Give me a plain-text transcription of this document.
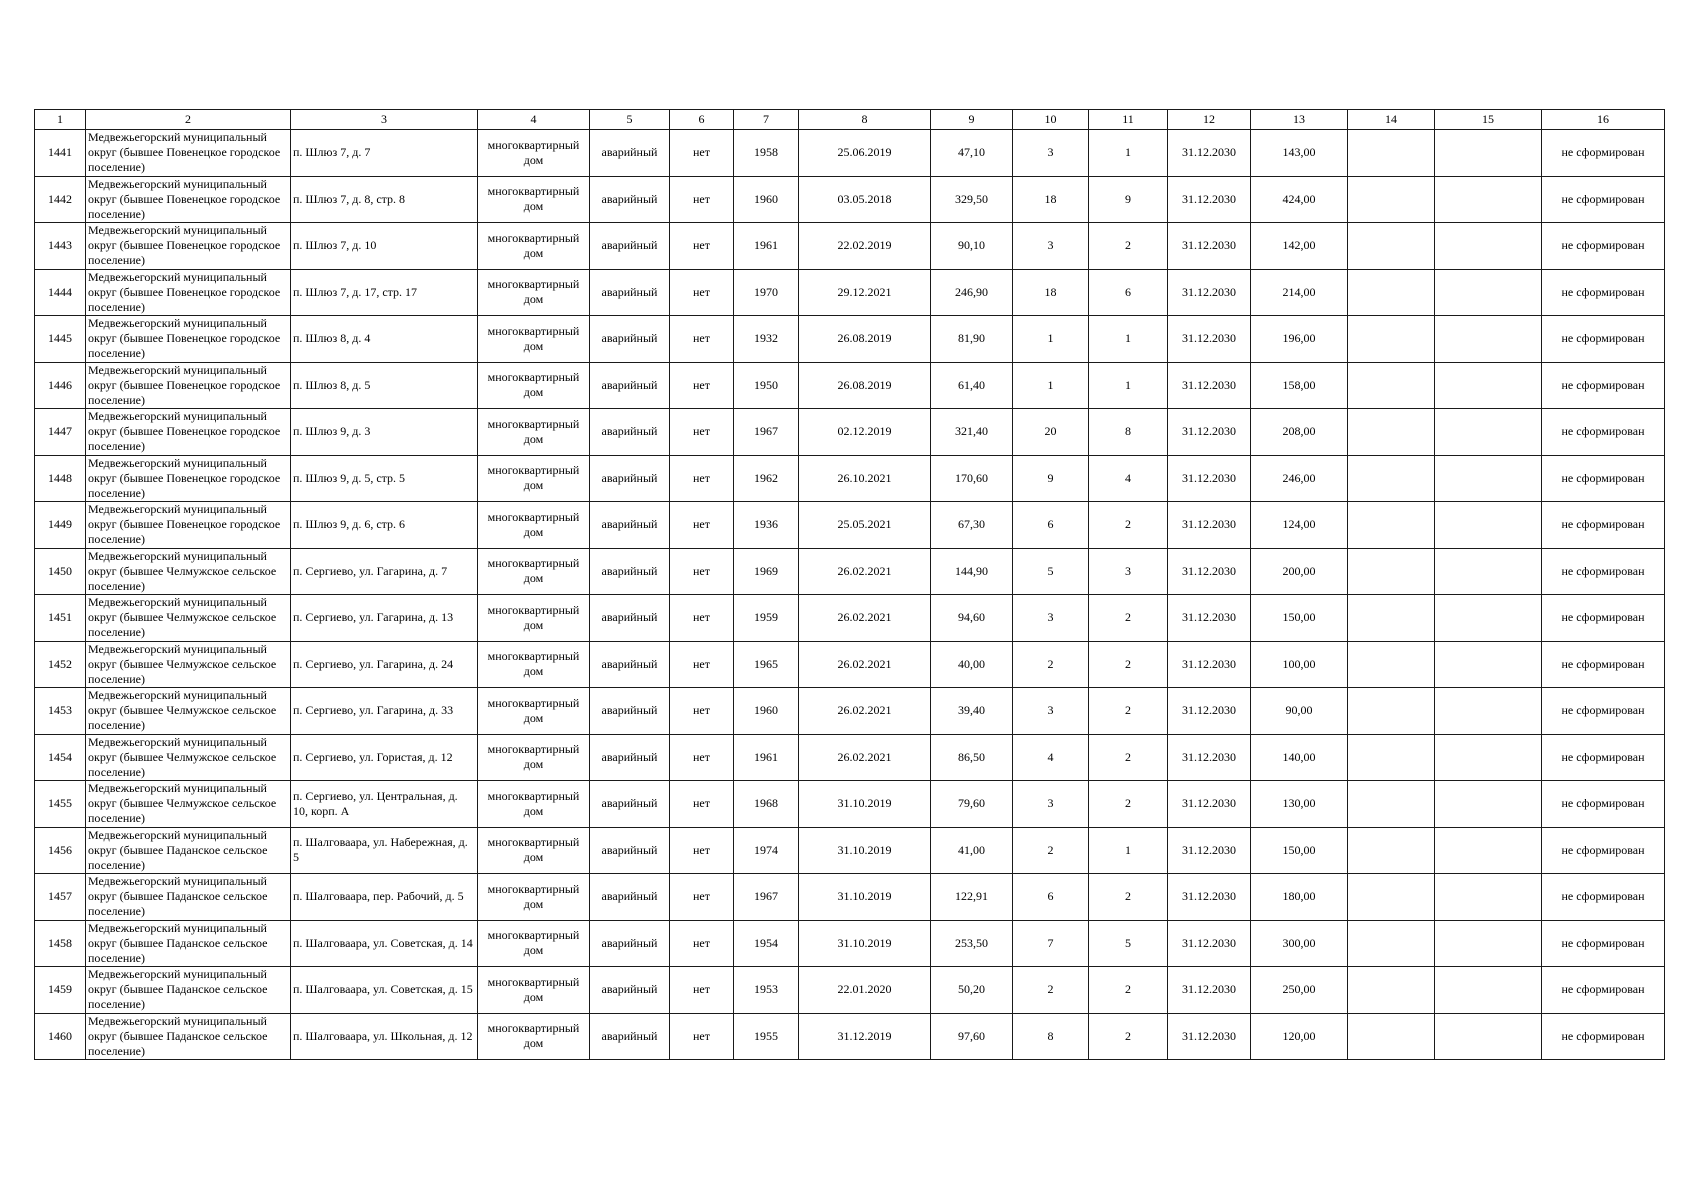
1	2	3	4	5	6	7	8	9	10	11	12	13	14	15	16
1441	Медвежьегорский муниципальный округ (бывшее Повенецкое городское поселение)	п. Шлюз 7, д. 7	многоквартирный дом	аварийный	нет	1958	25.06.2019	47,10	3	1	31.12.2030	143,00			не сформирован
1442	Медвежьегорский муниципальный округ (бывшее Повенецкое городское поселение)	п. Шлюз 7, д. 8, стр. 8	многоквартирный дом	аварийный	нет	1960	03.05.2018	329,50	18	9	31.12.2030	424,00			не сформирован
1443	Медвежьегорский муниципальный округ (бывшее Повенецкое городское поселение)	п. Шлюз 7, д. 10	многоквартирный дом	аварийный	нет	1961	22.02.2019	90,10	3	2	31.12.2030	142,00			не сформирован
1444	Медвежьегорский муниципальный округ (бывшее Повенецкое городское поселение)	п. Шлюз 7, д. 17, стр. 17	многоквартирный дом	аварийный	нет	1970	29.12.2021	246,90	18	6	31.12.2030	214,00			не сформирован
1445	Медвежьегорский муниципальный округ (бывшее Повенецкое городское поселение)	п. Шлюз 8, д. 4	многоквартирный дом	аварийный	нет	1932	26.08.2019	81,90	1	1	31.12.2030	196,00			не сформирован
1446	Медвежьегорский муниципальный округ (бывшее Повенецкое городское поселение)	п. Шлюз 8, д. 5	многоквартирный дом	аварийный	нет	1950	26.08.2019	61,40	1	1	31.12.2030	158,00			не сформирован
1447	Медвежьегорский муниципальный округ (бывшее Повенецкое городское поселение)	п. Шлюз 9, д. 3	многоквартирный дом	аварийный	нет	1967	02.12.2019	321,40	20	8	31.12.2030	208,00			не сформирован
1448	Медвежьегорский муниципальный округ (бывшее Повенецкое городское поселение)	п. Шлюз 9, д. 5, стр. 5	многоквартирный дом	аварийный	нет	1962	26.10.2021	170,60	9	4	31.12.2030	246,00			не сформирован
1449	Медвежьегорский муниципальный округ (бывшее Повенецкое городское поселение)	п. Шлюз 9, д. 6, стр. 6	многоквартирный дом	аварийный	нет	1936	25.05.2021	67,30	6	2	31.12.2030	124,00			не сформирован
1450	Медвежьегорский муниципальный округ (бывшее Челмужское сельское поселение)	п. Сергиево, ул. Гагарина, д. 7	многоквартирный дом	аварийный	нет	1969	26.02.2021	144,90	5	3	31.12.2030	200,00			не сформирован
1451	Медвежьегорский муниципальный округ (бывшее Челмужское сельское поселение)	п. Сергиево, ул. Гагарина, д. 13	многоквартирный дом	аварийный	нет	1959	26.02.2021	94,60	3	2	31.12.2030	150,00			не сформирован
1452	Медвежьегорский муниципальный округ (бывшее Челмужское сельское поселение)	п. Сергиево, ул. Гагарина, д. 24	многоквартирный дом	аварийный	нет	1965	26.02.2021	40,00	2	2	31.12.2030	100,00			не сформирован
1453	Медвежьегорский муниципальный округ (бывшее Челмужское сельское поселение)	п. Сергиево, ул. Гагарина, д. 33	многоквартирный дом	аварийный	нет	1960	26.02.2021	39,40	3	2	31.12.2030	90,00			не сформирован
1454	Медвежьегорский муниципальный округ (бывшее Челмужское сельское поселение)	п. Сергиево, ул. Гористая, д. 12	многоквартирный дом	аварийный	нет	1961	26.02.2021	86,50	4	2	31.12.2030	140,00			не сформирован
1455	Медвежьегорский муниципальный округ (бывшее Челмужское сельское поселение)	п. Сергиево, ул. Центральная, д. 10, корп. А	многоквартирный дом	аварийный	нет	1968	31.10.2019	79,60	3	2	31.12.2030	130,00			не сформирован
1456	Медвежьегорский муниципальный округ (бывшее Паданское сельское поселение)	п. Шалговаара, ул. Набережная, д. 5	многоквартирный дом	аварийный	нет	1974	31.10.2019	41,00	2	1	31.12.2030	150,00			не сформирован
1457	Медвежьегорский муниципальный округ (бывшее Паданское сельское поселение)	п. Шалговаара, пер. Рабочий, д. 5	многоквартирный дом	аварийный	нет	1967	31.10.2019	122,91	6	2	31.12.2030	180,00			не сформирован
1458	Медвежьегорский муниципальный округ (бывшее Паданское сельское поселение)	п. Шалговаара, ул. Советская, д. 14	многоквартирный дом	аварийный	нет	1954	31.10.2019	253,50	7	5	31.12.2030	300,00			не сформирован
1459	Медвежьегорский муниципальный округ (бывшее Паданское сельское поселение)	п. Шалговаара, ул. Советская, д. 15	многоквартирный дом	аварийный	нет	1953	22.01.2020	50,20	2	2	31.12.2030	250,00			не сформирован
1460	Медвежьегорский муниципальный округ (бывшее Паданское сельское поселение)	п. Шалговаара, ул. Школьная, д. 12	многоквартирный дом	аварийный	нет	1955	31.12.2019	97,60	8	2	31.12.2030	120,00			не сформирован
